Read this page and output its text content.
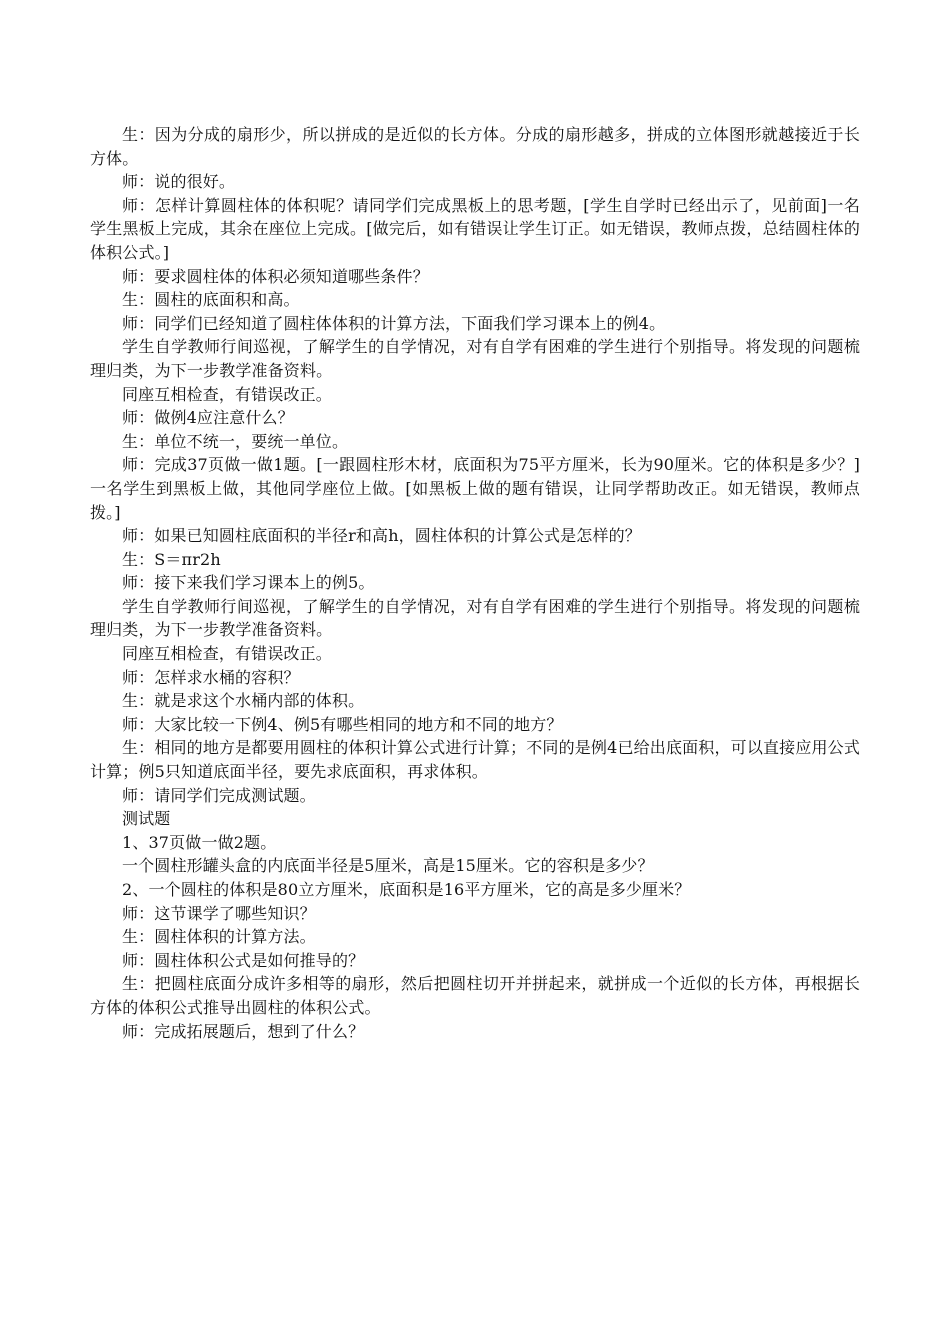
生：因为分成的扇形少，所以拼成的是近似的长方体。分成的扇形越多，拼成的立体图形就越接近于长方体。

师：说的很好。

师：怎样计算圆柱体的体积呢？请同学们完成黑板上的思考题，[学生自学时已经出示了，见前面]一名学生黑板上完成，其余在座位上完成。[做完后，如有错误让学生订正。如无错误，教师点拨，总结圆柱体的体积公式。]

师：要求圆柱体的体积必须知道哪些条件？

生：圆柱的底面积和高。

师：同学们已经知道了圆柱体体积的计算方法，下面我们学习课本上的例4。

学生自学教师行间巡视，了解学生的自学情况，对有自学有困难的学生进行个别指导。将发现的问题梳理归类，为下一步教学准备资料。

同座互相检查，有错误改正。

师：做例4应注意什么？

生：单位不统一，要统一单位。

师：完成37页做一做1题。[一跟圆柱形木材，底面积为75平方厘米，长为90厘米。它的体积是多少？]一名学生到黑板上做，其他同学座位上做。[如黑板上做的题有错误，让同学帮助改正。如无错误，教师点拨。]

师：如果已知圆柱底面积的半径r和高h，圆柱体积的计算公式是怎样的？

生：S＝πr2h

师：接下来我们学习课本上的例5。

学生自学教师行间巡视，了解学生的自学情况，对有自学有困难的学生进行个别指导。将发现的问题梳理归类，为下一步教学准备资料。

同座互相检查，有错误改正。

师：怎样求水桶的容积？

生：就是求这个水桶内部的体积。

师：大家比较一下例4、例5有哪些相同的地方和不同的地方？

生：相同的地方是都要用圆柱的体积计算公式进行计算；不同的是例4已给出底面积，可以直接应用公式计算；例5只知道底面半径，要先求底面积，再求体积。

师：请同学们完成测试题。

测试题

1、37页做一做2题。

一个圆柱形罐头盒的内底面半径是5厘米，高是15厘米。它的容积是多少？

2、一个圆柱的体积是80立方厘米，底面积是16平方厘米，它的高是多少厘米？

师：这节课学了哪些知识？

生：圆柱体积的计算方法。

师：圆柱体积公式是如何推导的？

生：把圆柱底面分成许多相等的扇形，然后把圆柱切开并拼起来，就拼成一个近似的长方体，再根据长方体的体积公式推导出圆柱的体积公式。

师：完成拓展题后，想到了什么？
